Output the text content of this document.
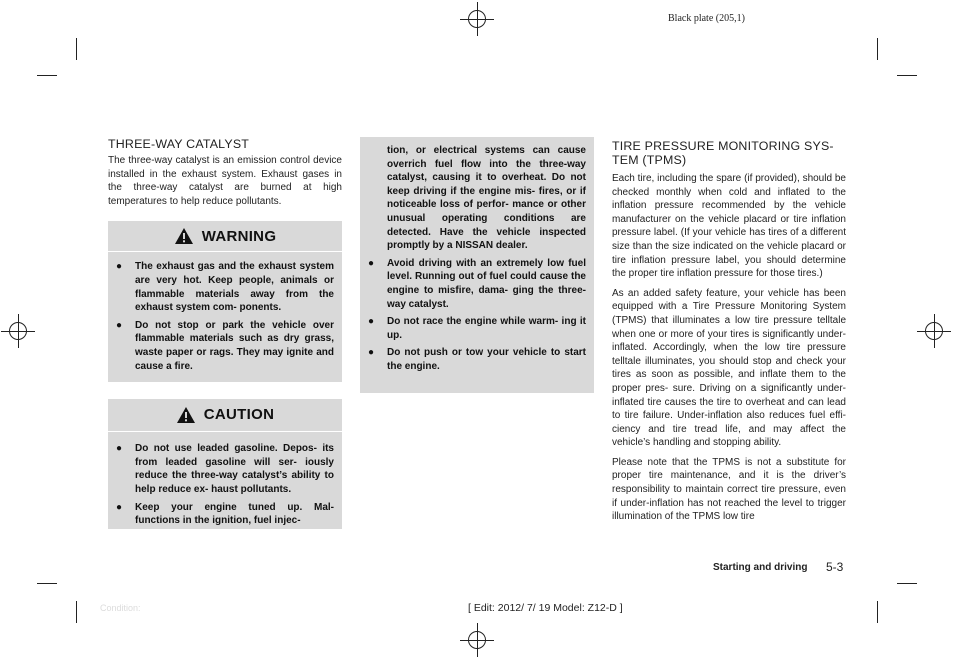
Black plate (205,1)
THREE-WAY CATALYST

The three-way catalyst is an emission control device installed in the exhaust system. Exhaust gases in the three-way catalyst are burned at high temperatures to help reduce pollutants.

WARNING
● The exhaust gas and the exhaust system are very hot. Keep people, animals or flammable materials away from the exhaust system com- ponents.
● Do not stop or park the vehicle over flammable materials such as dry grass, waste paper or rags. They may ignite and cause a fire.
CAUTION
● Do not use leaded gasoline. Depos- its from leaded gasoline will ser- iously reduce the three-way catalyst’s ability to help reduce ex- haust pollutants.
● Keep your engine tuned up. Mal- functions in the ignition, fuel injec-
tion, or electrical systems can cause overrich fuel flow into the three-way catalyst, causing it to overheat. Do not keep driving if the engine mis- fires, or if noticeable loss of perfor- mance or other unusual operating conditions are detected. Have the vehicle inspected promptly by a NISSAN dealer.
● Avoid driving with an extremely low fuel level. Running out of fuel could cause the engine to misfire, dama- ging the three-way catalyst.
● Do not race the engine while warm- ing it up.
● Do not push or tow your vehicle to start the engine.
TIRE PRESSURE MONITORING SYS-
TEM (TPMS)

Each tire, including the spare (if provided), should be checked monthly when cold and inflated to the inflation pressure recommended by the vehicle manufacturer on the vehicle placard or tire inflation pressure label. (If your vehicle has tires of a different size than the size indicated on the vehicle placard or tire inflation pressure label, you should determine the proper tire inflation pressure for those tires.)

As an added safety feature, your vehicle has been equipped with a Tire Pressure Monitoring System (TPMS) that illuminates a low tire pressure telltale when one or more of your tires is significantly under-inflated. Accordingly, when the low tire pressure telltale illuminates, you should stop and check your tires as soon as possible, and inflate them to the proper pres- sure. Driving on a significantly under-inflated tire causes the tire to overheat and can lead to tire failure. Under-inflation also reduces fuel effi- ciency and tire tread life, and may affect the vehicle’s handling and stopping ability.

Please note that the TPMS is not a substitute for proper tire maintenance, and it is the driver’s responsibility to maintain correct tire pressure, even if under-inflation has not reached the level to trigger illumination of the TPMS low tire

Starting and driving 5-3
Condition:	[ Edit: 2012/ 7/ 19 Model: Z12-D ]
